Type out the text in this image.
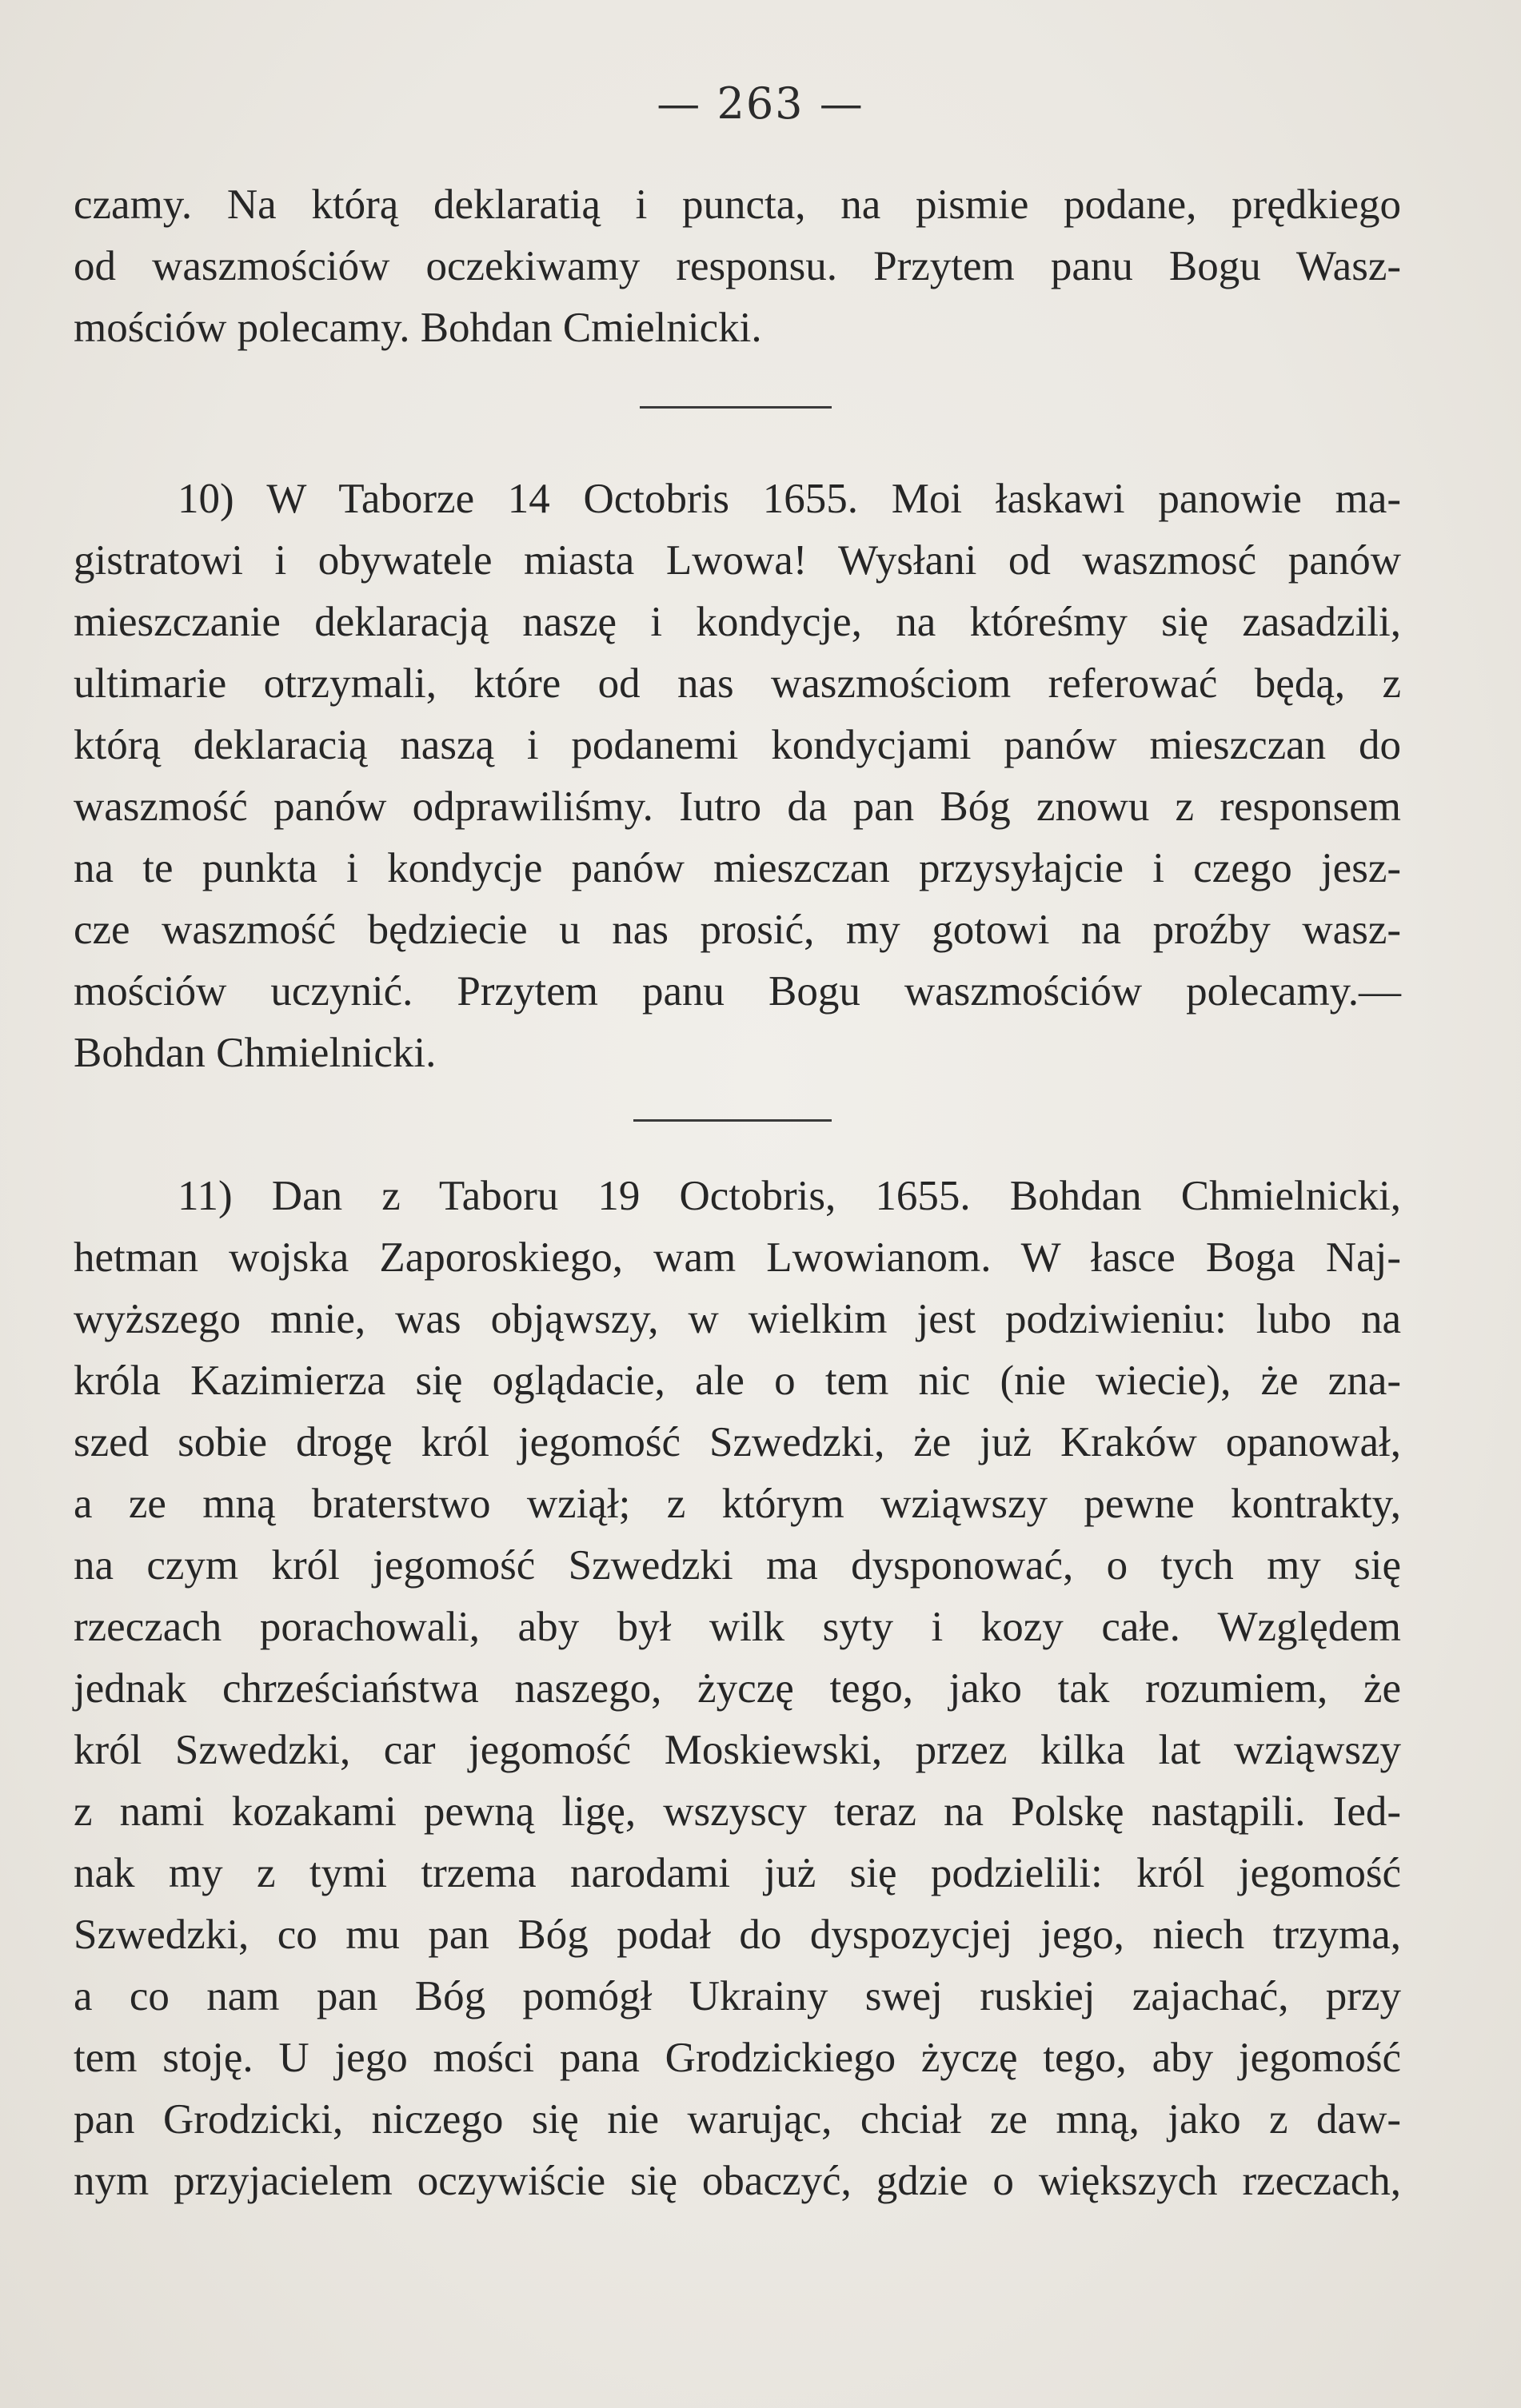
— 263 —
czamy. Na którą deklaratią i puncta, na pismie podane, prędkiego
od waszmościów oczekiwamy responsu. Przytem panu Bogu Wasz-
mościów polecamy. Bohdan Cmielnicki.
10) W Taborze 14 Octobris 1655. Moi łaskawi panowie ma-
gistratowi i obywatele miasta Lwowa! Wysłani od waszmosć panów
mieszczanie deklaracją naszę i kondycje, na któreśmy się zasadzili,
ultimarie otrzymali, które od nas waszmościom referować będą, z
którą deklaracią naszą i podanemi kondycjami panów mieszczan do
waszmość panów odprawiliśmy. Iutro da pan Bóg znowu z responsem
na te punkta i kondycje panów mieszczan przysyłajcie i czego jesz-
cze waszmość będziecie u nas prosić, my gotowi na proźby wasz-
mościów uczynić. Przytem panu Bogu waszmościów polecamy.—
Bohdan Chmielnicki.
11) Dan z Taboru 19 Octobris, 1655. Bohdan Chmielnicki,
hetman wojska Zaporoskiego, wam Lwowianom. W łasce Boga Naj-
wyższego mnie, was objąwszy, w wielkim jest podziwieniu: lubo na
króla Kazimierza się oglądacie, ale o tem nic (nie wiecie), że zna-
szed sobie drogę król jegomość Szwedzki, że już Kraków opanował,
a ze mną braterstwo wziął; z którym wziąwszy pewne kontrakty,
na czym król jegomość Szwedzki ma dysponować, o tych my się
rzeczach porachowali, aby był wilk syty i kozy całe. Względem
jednak chrześciaństwa naszego, życzę tego, jako tak rozumiem, że
król Szwedzki, car jegomość Moskiewski, przez kilka lat wziąwszy
z nami kozakami pewną ligę, wszyscy teraz na Polskę nastąpili. Ied-
nak my z tymi trzema narodami już się podzielili: król jegomość
Szwedzki, co mu pan Bóg podał do dyspozycjej jego, niech trzyma,
a co nam pan Bóg pomógł Ukrainy swej ruskiej zajachać, przy
tem stoję. U jego mości pana Grodzickiego życzę tego, aby jegomość
pan Grodzicki, niczego się nie warując, chciał ze mną, jako z daw-
nym przyjacielem oczywiście się obaczyć, gdzie o większych rzeczach,
